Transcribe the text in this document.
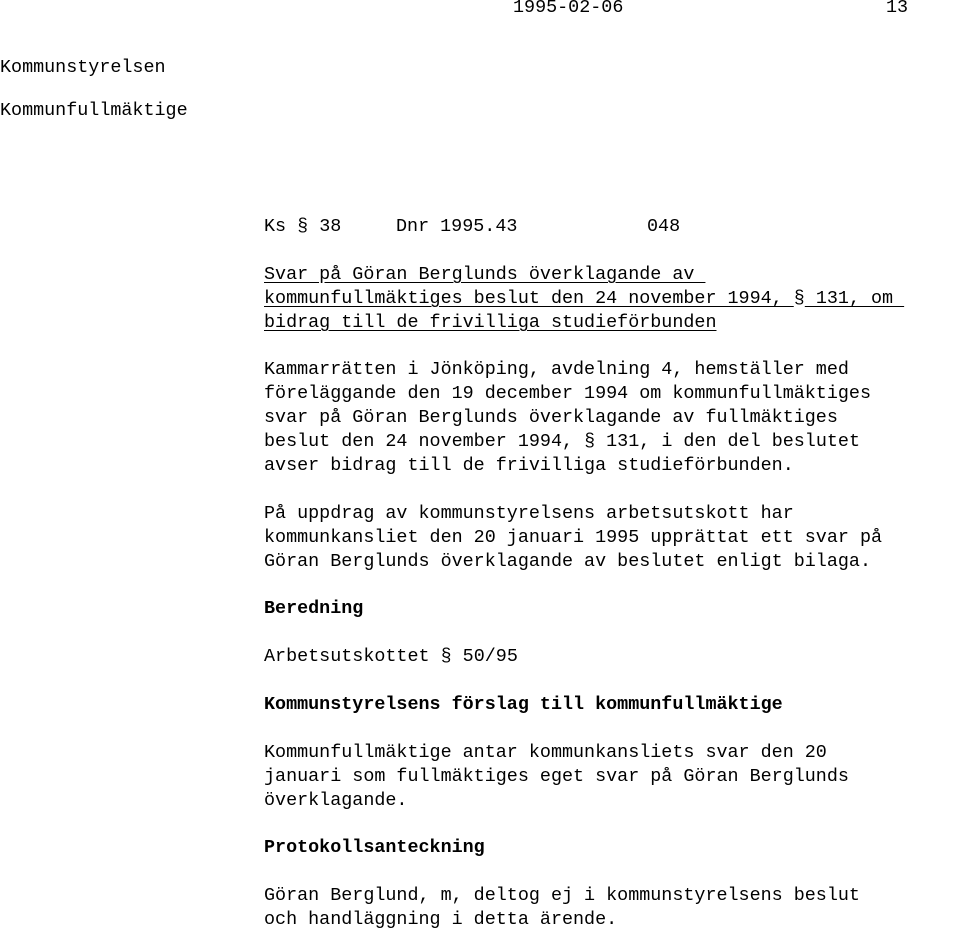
1995-02-06	13
Kommunstyrelsen
Kommunfullmäktige
Ks § 38	Dnr 1995.43	048
Svar på Göran Berglunds överklagande av
kommunfullmäktiges beslut den 24 november 1994, § 131, om
bidrag till de frivilliga studieförbunden
Kammarrätten i Jönköping, avdelning 4, hemställer med
föreläggande den 19 december 1994 om kommunfullmäktiges
svar på Göran Berglunds överklagande av fullmäktiges
beslut den 24 november 1994, § 131, i den del beslutet
avser bidrag till de frivilliga studieförbunden.
På uppdrag av kommunstyrelsens arbetsutskott har
kommunkansliet den 20 januari 1995 upprättat ett svar på
Göran Berglunds överklagande av beslutet enligt bilaga.
Beredning
Arbetsutskottet § 50/95
Kommunstyrelsens förslag till kommunfullmäktige
Kommunfullmäktige antar kommunkansliets svar den 20
januari som fullmäktiges eget svar på Göran Berglunds
överklagande.
Protokollsanteckning
Göran Berglund, m, deltog ej i kommunstyrelsens beslut
och handläggning i detta ärende.
